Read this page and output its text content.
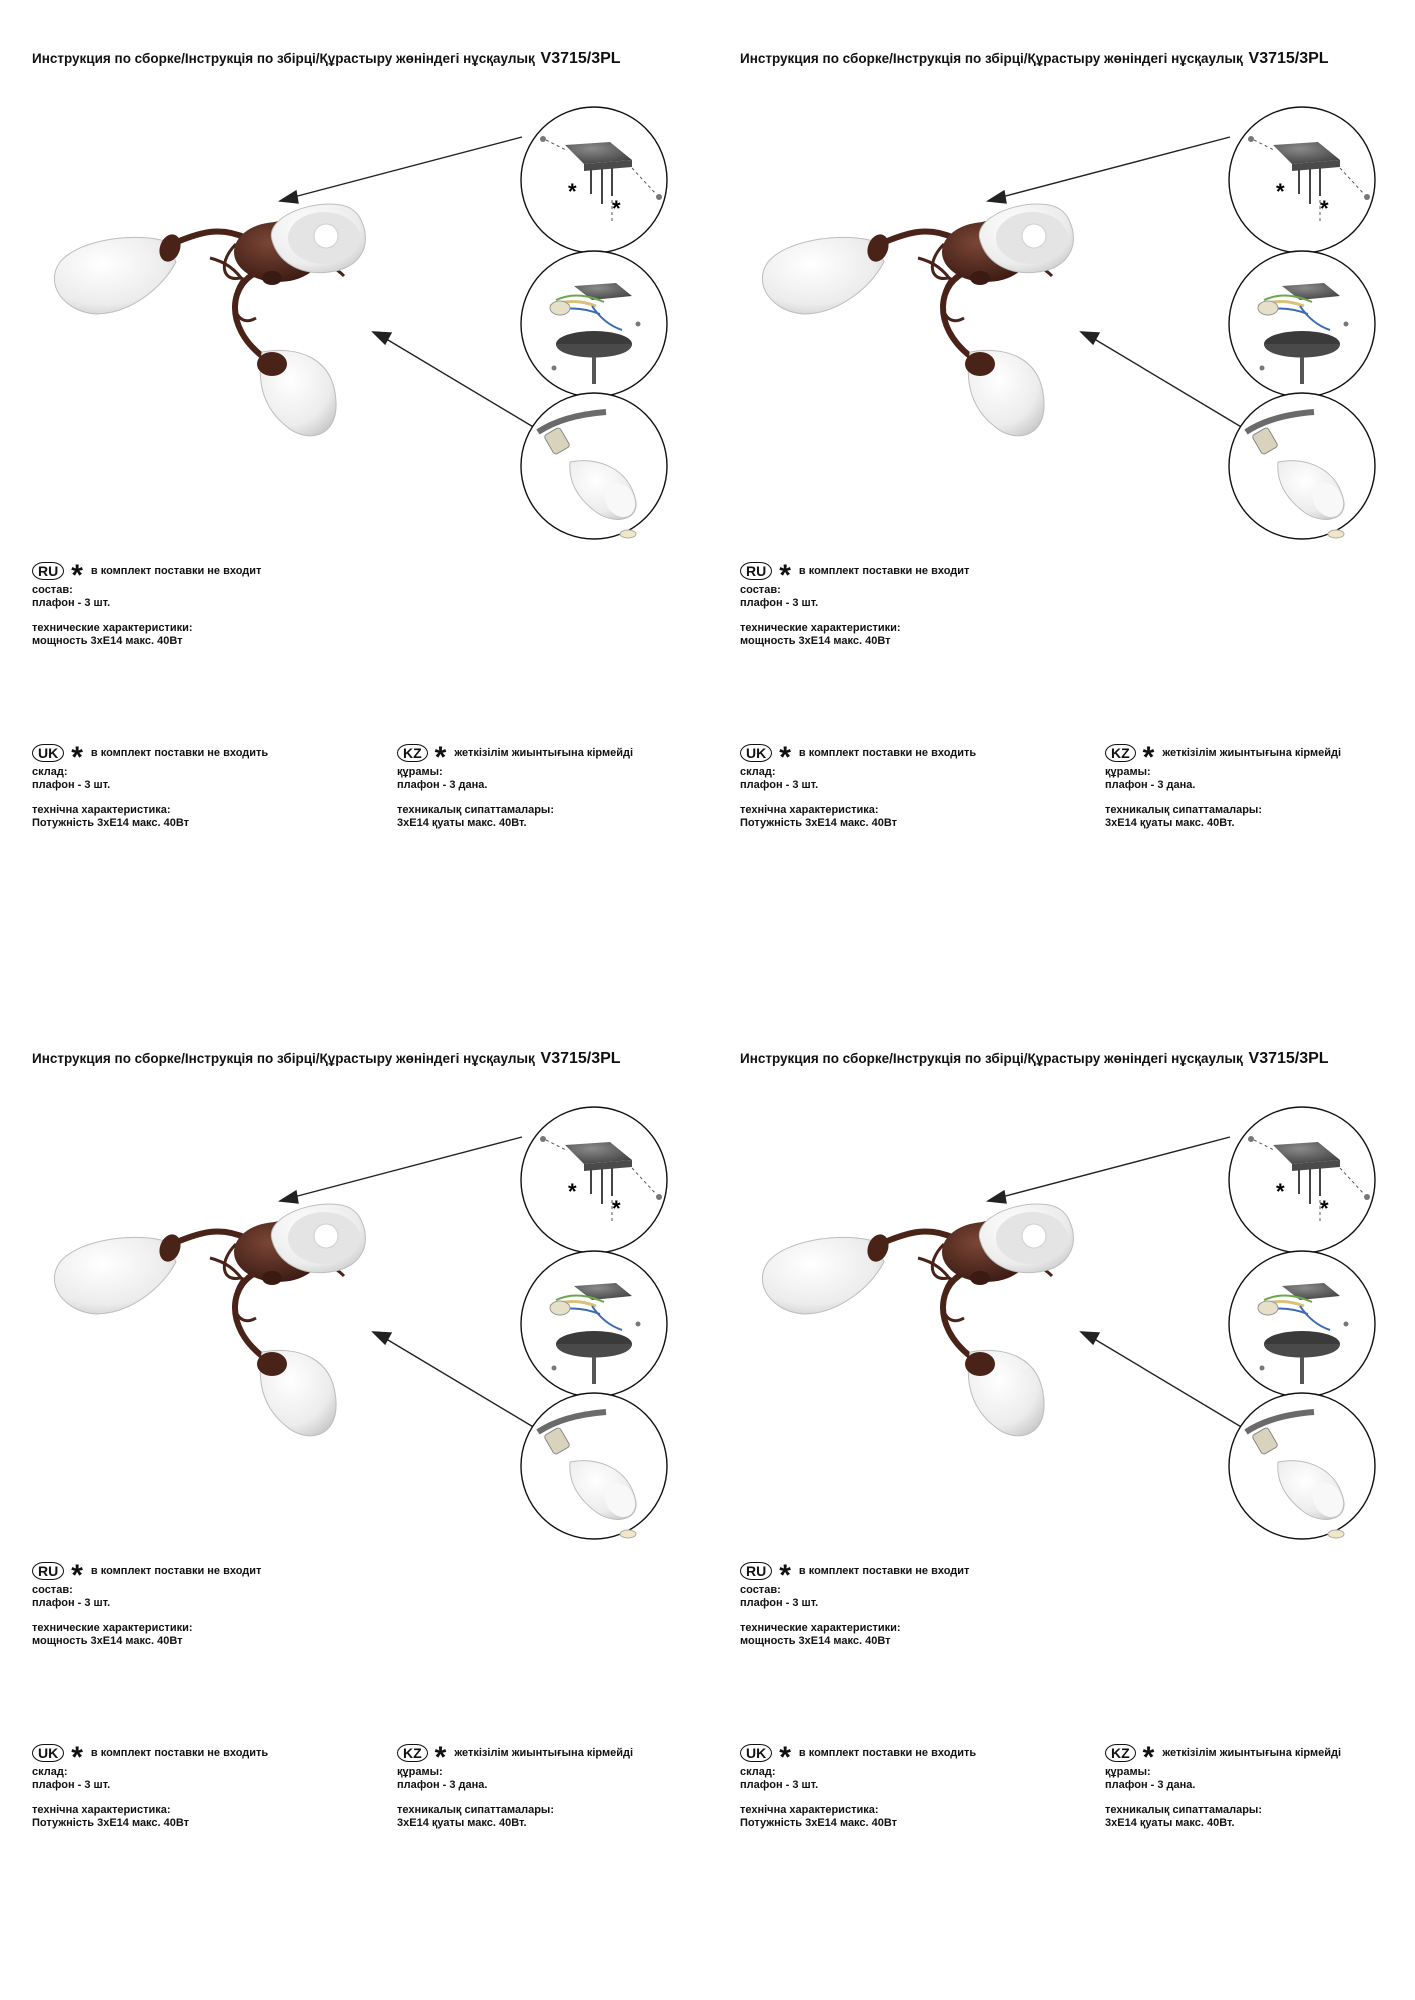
Инструкция по сборке/Інструкція по збірці/Құрастыру жөніндегі нұсқаулық V3715/3PL
*
*
RU * в комплект поставки не входит
состав:
плафон - 3 шт.
технические характеристики:
мощность 3хЕ14 макс. 40Вт
UK * в комплект поставки не входить
склад:
плафон - 3 шт.
технічна характеристика:
Потужність 3хЕ14 макс. 40Вт
KZ * жеткізілім жиынтығына кірмейді
құрамы:
плафон - 3 дана.
техникалық сипаттамалары:
3хЕ14 қуаты макс. 40Вт.
Инструкция по сборке/Інструкція по збірці/Құрастыру жөніндегі нұсқаулық V3715/3PL
*
*
RU * в комплект поставки не входит
состав:
плафон - 3 шт.
технические характеристики:
мощность 3хЕ14 макс. 40Вт
UK * в комплект поставки не входить
склад:
плафон - 3 шт.
технічна характеристика:
Потужність 3хЕ14 макс. 40Вт
KZ * жеткізілім жиынтығына кірмейді
құрамы:
плафон - 3 дана.
техникалық сипаттамалары:
3хЕ14 қуаты макс. 40Вт.
Инструкция по сборке/Інструкція по збірці/Құрастыру жөніндегі нұсқаулық V3715/3PL
*
*
RU * в комплект поставки не входит
состав:
плафон - 3 шт.
технические характеристики:
мощность 3хЕ14 макс. 40Вт
UK * в комплект поставки не входить
склад:
плафон - 3 шт.
технічна характеристика:
Потужність 3хЕ14 макс. 40Вт
KZ * жеткізілім жиынтығына кірмейді
құрамы:
плафон - 3 дана.
техникалық сипаттамалары:
3хЕ14 қуаты макс. 40Вт.
Инструкция по сборке/Інструкція по збірці/Құрастыру жөніндегі нұсқаулық V3715/3PL
*
*
RU * в комплект поставки не входит
состав:
плафон - 3 шт.
технические характеристики:
мощность 3хЕ14 макс. 40Вт
UK * в комплект поставки не входить
склад:
плафон - 3 шт.
технічна характеристика:
Потужність 3хЕ14 макс. 40Вт
KZ * жеткізілім жиынтығына кірмейді
құрамы:
плафон - 3 дана.
техникалық сипаттамалары:
3хЕ14 қуаты макс. 40Вт.
